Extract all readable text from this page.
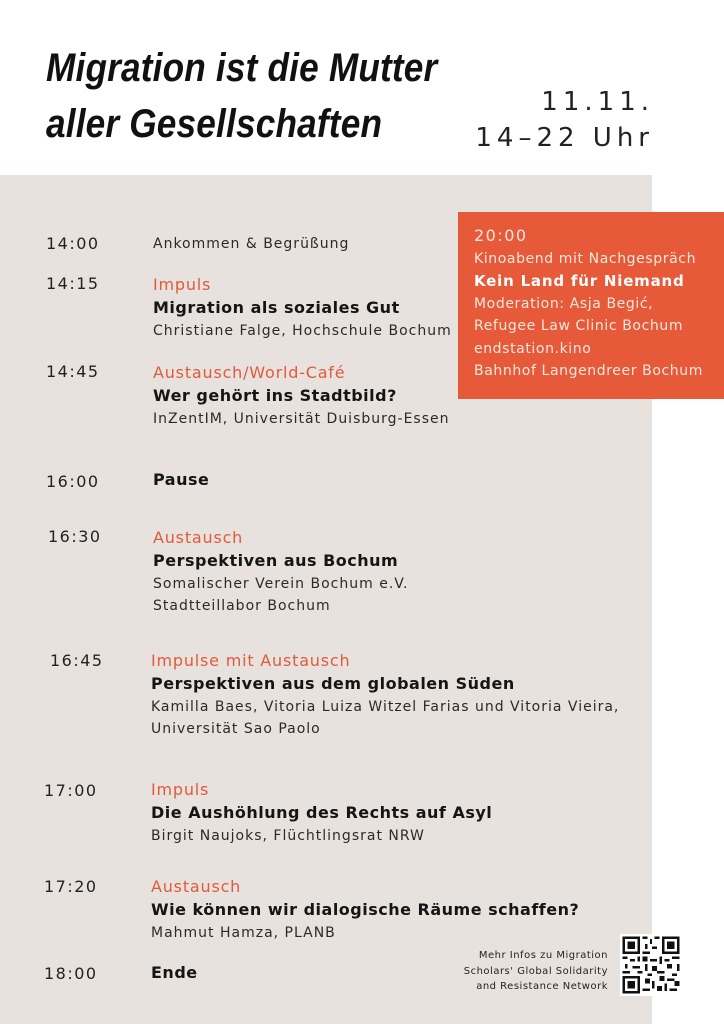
Migration ist die Mutter
aller Gesellschaften	11.11.
14–22 Uhr
20:00
Kinoabend mit Nachgespräch
Kein Land für Niemand
Moderation: Asja Begić,
Refugee Law Clinic Bochum
endstation.kino
Bahnhof Langendreer Bochum
14:00	Ankommen & Begrüßung
14:15	Impuls
Migration als soziales Gut
Christiane Falge, Hochschule Bochum
14:45	Austausch/World-Café
Wer gehört ins Stadtbild?
InZentIM, Universität Duisburg-Essen
16:00	Pause
16:30	Austausch
Perspektiven aus Bochum
Somalischer Verein Bochum e.V.
Stadtteillabor Bochum
16:45	Impulse mit Austausch
Perspektiven aus dem globalen Süden
Kamilla Baes, Vitoria Luiza Witzel Farias und Vitoria Vieira,
Universität Sao Paolo
17:00	Impuls
Die Aushöhlung des Rechts auf Asyl
Birgit Naujoks, Flüchtlingsrat NRW
17:20	Austausch
Wie können wir dialogische Räume schaffen?
Mahmut Hamza, PLANB
18:00	Ende
Mehr Infos zu Migration
Scholars' Global Solidarity
and Resistance Network
